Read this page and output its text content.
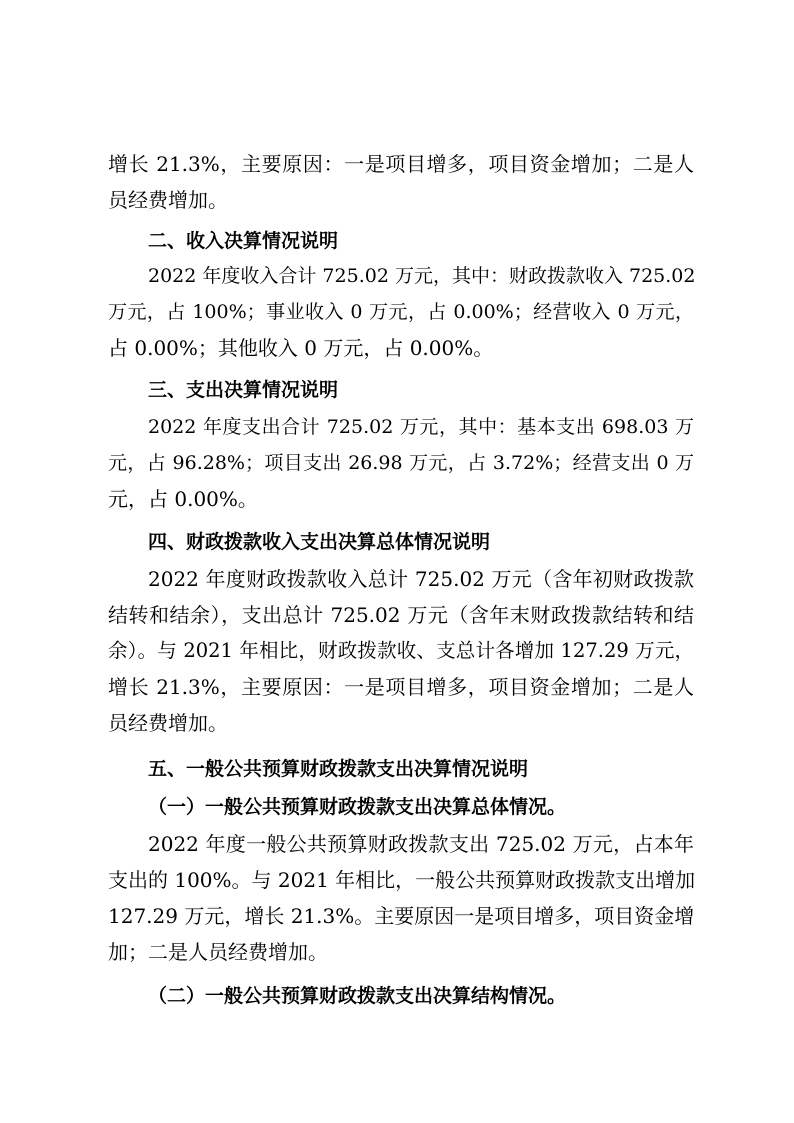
增长 21.3%，主要原因：一是项目增多，项目资金增加；二是人
员经费增加。
二、收入决算情况说明
2022 年度收入合计 725.02 万元，其中：财政拨款收入 725.02
万元，占 100%；事业收入 0 万元，占 0.00%；经营收入 0 万元，
占 0.00%；其他收入 0 万元，占 0.00%。
三、支出决算情况说明
2022 年度支出合计 725.02 万元，其中：基本支出 698.03 万
元，占 96.28%；项目支出 26.98 万元，占 3.72%；经营支出 0 万
元，占 0.00%。
四、财政拨款收入支出决算总体情况说明
2022 年度财政拨款收入总计 725.02 万元（含年初财政拨款
结转和结余），支出总计 725.02 万元（含年末财政拨款结转和结
余）。与 2021 年相比，财政拨款收、支总计各增加 127.29 万元，
增长 21.3%，主要原因：一是项目增多，项目资金增加；二是人
员经费增加。
五、一般公共预算财政拨款支出决算情况说明
（一）一般公共预算财政拨款支出决算总体情况。
2022 年度一般公共预算财政拨款支出 725.02 万元，占本年
支出的 100%。与 2021 年相比，一般公共预算财政拨款支出增加
127.29 万元，增长 21.3%。主要原因一是项目增多，项目资金增
加；二是人员经费增加。
（二）一般公共预算财政拨款支出决算结构情况。
